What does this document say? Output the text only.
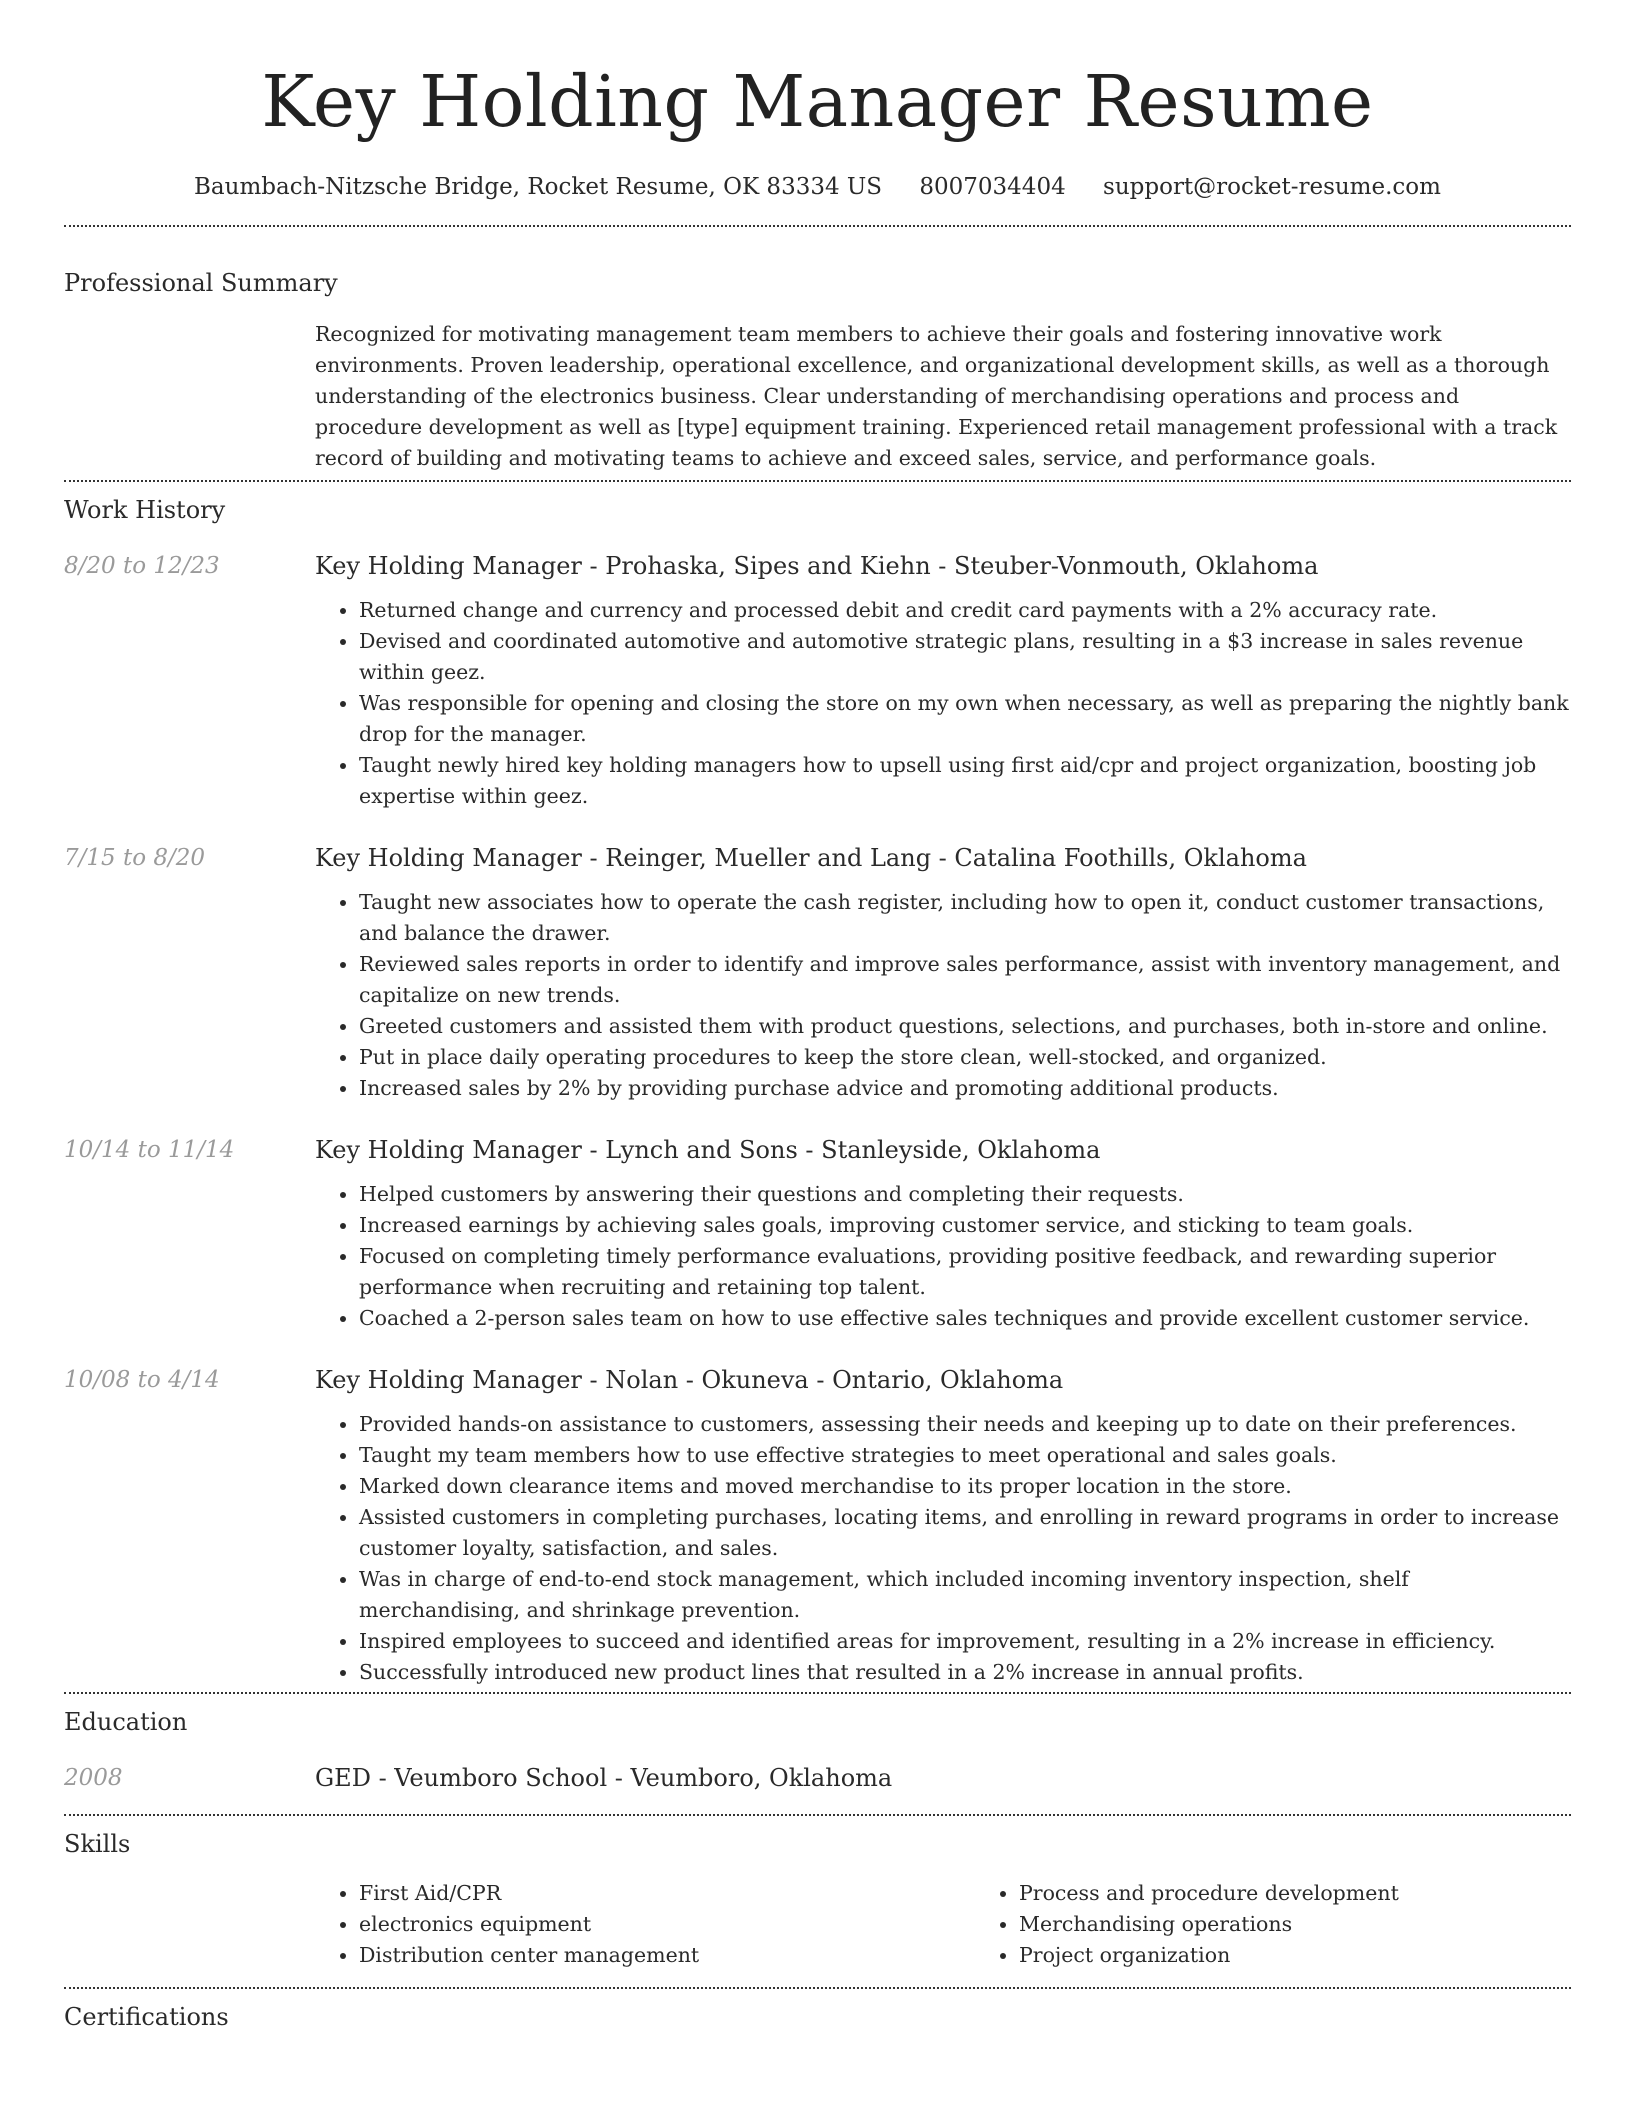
Key Holding Manager Resume
Baumbach-Nitzsche Bridge, Rocket Resume, OK 83334 US 8007034404 support@rocket-resume.com
Professional Summary
Recognized for motivating management team members to achieve their goals and fostering innovative work environments. Proven leadership, operational excellence, and organizational development skills, as well as a thorough understanding of the electronics business. Clear understanding of merchandising operations and process and procedure development as well as [type] equipment training. Experienced retail management professional with a track record of building and motivating teams to achieve and exceed sales, service, and performance goals.
Work History
8/20 to 12/23	Key Holding Manager - Prohaska, Sipes and Kiehn - Steuber-Vonmouth, Oklahoma
• Returned change and currency and processed debit and credit card payments with a 2% accuracy rate.
• Devised and coordinated automotive and automotive strategic plans, resulting in a $3 increase in sales revenue within geez.
• Was responsible for opening and closing the store on my own when necessary, as well as preparing the nightly bank drop for the manager.
• Taught newly hired key holding managers how to upsell using first aid/cpr and project organization, boosting job expertise within geez.
7/15 to 8/20	Key Holding Manager - Reinger, Mueller and Lang - Catalina Foothills, Oklahoma
• Taught new associates how to operate the cash register, including how to open it, conduct customer transactions, and balance the drawer.
• Reviewed sales reports in order to identify and improve sales performance, assist with inventory management, and capitalize on new trends.
• Greeted customers and assisted them with product questions, selections, and purchases, both in-store and online.
• Put in place daily operating procedures to keep the store clean, well-stocked, and organized.
• Increased sales by 2% by providing purchase advice and promoting additional products.
10/14 to 11/14	Key Holding Manager - Lynch and Sons - Stanleyside, Oklahoma
• Helped customers by answering their questions and completing their requests.
• Increased earnings by achieving sales goals, improving customer service, and sticking to team goals.
• Focused on completing timely performance evaluations, providing positive feedback, and rewarding superior performance when recruiting and retaining top talent.
• Coached a 2-person sales team on how to use effective sales techniques and provide excellent customer service.
10/08 to 4/14	Key Holding Manager - Nolan - Okuneva - Ontario, Oklahoma
• Provided hands-on assistance to customers, assessing their needs and keeping up to date on their preferences.
• Taught my team members how to use effective strategies to meet operational and sales goals.
• Marked down clearance items and moved merchandise to its proper location in the store.
• Assisted customers in completing purchases, locating items, and enrolling in reward programs in order to increase customer loyalty, satisfaction, and sales.
• Was in charge of end-to-end stock management, which included incoming inventory inspection, shelf merchandising, and shrinkage prevention.
• Inspired employees to succeed and identified areas for improvement, resulting in a 2% increase in efficiency.
• Successfully introduced new product lines that resulted in a 2% increase in annual profits.
Education
2008	GED - Veumboro School - Veumboro, Oklahoma
Skills
• First Aid/CPR
• electronics equipment
• Distribution center management
• Process and procedure development
• Merchandising operations
• Project organization
Certifications
